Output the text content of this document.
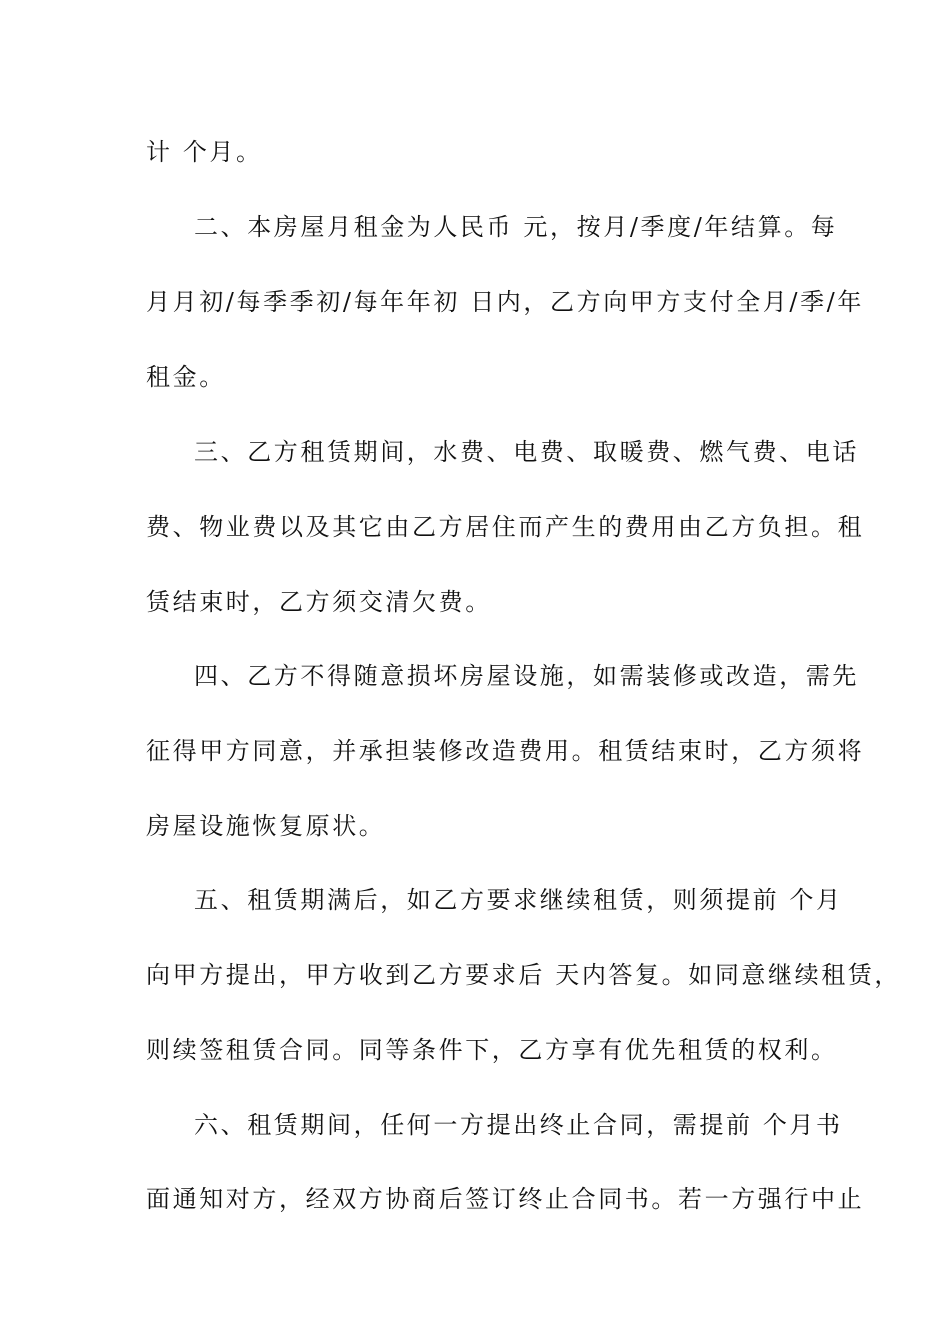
计 个月。
二、本房屋月租金为人民币 元，按月/季度/年结算。每
月月初/每季季初/每年年初 日内，乙方向甲方支付全月/季/年
租金。
三、乙方租赁期间，水费、电费、取暖费、燃气费、电话
费、物业费以及其它由乙方居住而产生的费用由乙方负担。租
赁结束时，乙方须交清欠费。
四、乙方不得随意损坏房屋设施，如需装修或改造，需先
征得甲方同意，并承担装修改造费用。租赁结束时，乙方须将
房屋设施恢复原状。
五、租赁期满后，如乙方要求继续租赁，则须提前 个月
向甲方提出，甲方收到乙方要求后 天内答复。如同意继续租赁，
则续签租赁合同。同等条件下，乙方享有优先租赁的权利。
六、租赁期间，任何一方提出终止合同，需提前 个月书
面通知对方，经双方协商后签订终止合同书。若一方强行中止
